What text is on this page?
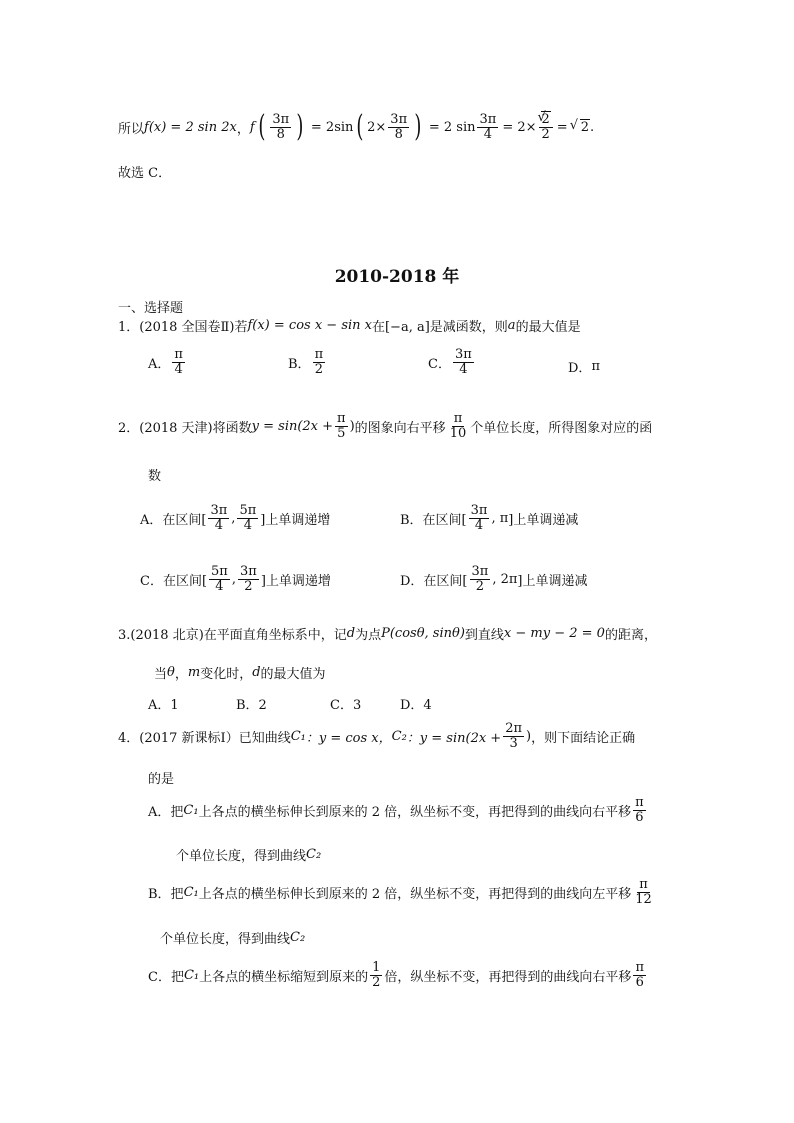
所以 f(x) = 2 sin 2x ， f ( $\frac{3\pi}{8}$ ) = 2sin ( $2\times \frac{3\pi}{8}$ ) = 2 $\sin \frac{3\pi}{4} = 2\times$ √ $\frac{2}{2}$ =	√ 2 .
故选 C．
2010-2018 年
一、选择题
1．(2018 全国卷Ⅱ)若 f(x) = cos x − sin x 在[−a, a]是减函数，则 a 的最大值是
A． $\frac{\pi}{4}$	B． $\frac{\pi}{2}$	C． $\frac{3\pi}{4}$	D． π
2．(2018 天津)将函数 $y = \sin(2x + \frac{\pi}{5}$ ) 的图象向右平移 $\frac{\pi}{10}$ 个单位长度，所得图象对应的函
数
A．在区间[ $\frac{3\pi}{4}$ , $\frac{5\pi}{4}$ ]上单调递增	B．在区间[ $\frac{3\pi}{4}$ , π ]上单调递减
C．在区间[ $\frac{5\pi}{4}$ , $\frac{3\pi}{2}$ ]上单调递增	D．在区间[ $\frac{3\pi}{2}$ , 2π ]上单调递减
3.(2018 北京)在平面直角坐标系中，记 d 为点 P(cosθ, sinθ) 到直线 x − my − 2 = 0 的距离，
当 θ ， m 变化时， d 的最大值为
A．1	B．2	C．3	D．4
4．(2017 新课标Ⅰ）已知曲线 C₁ ：y = cos x， C₂ ：$y = \sin(2x + \frac{2\pi}{3}$ ) ，则下面结论正确
的是
A．把 C₁ 上各点的横坐标伸长到原来的 2 倍，纵坐标不变，再把得到的曲线向右平移 $\frac{\pi}{6}$
个单位长度，得到曲线 C₂
B．把 C₁ 上各点的横坐标伸长到原来的 2 倍，纵坐标不变，再把得到的曲线向左平移 $\frac{\pi}{12}$
个单位长度，得到曲线 C₂
C．把 C₁ 上各点的横坐标缩短到原来的 $\frac{1}{2}$ 倍，纵坐标不变，再把得到的曲线向右平移 $\frac{\pi}{6}$
